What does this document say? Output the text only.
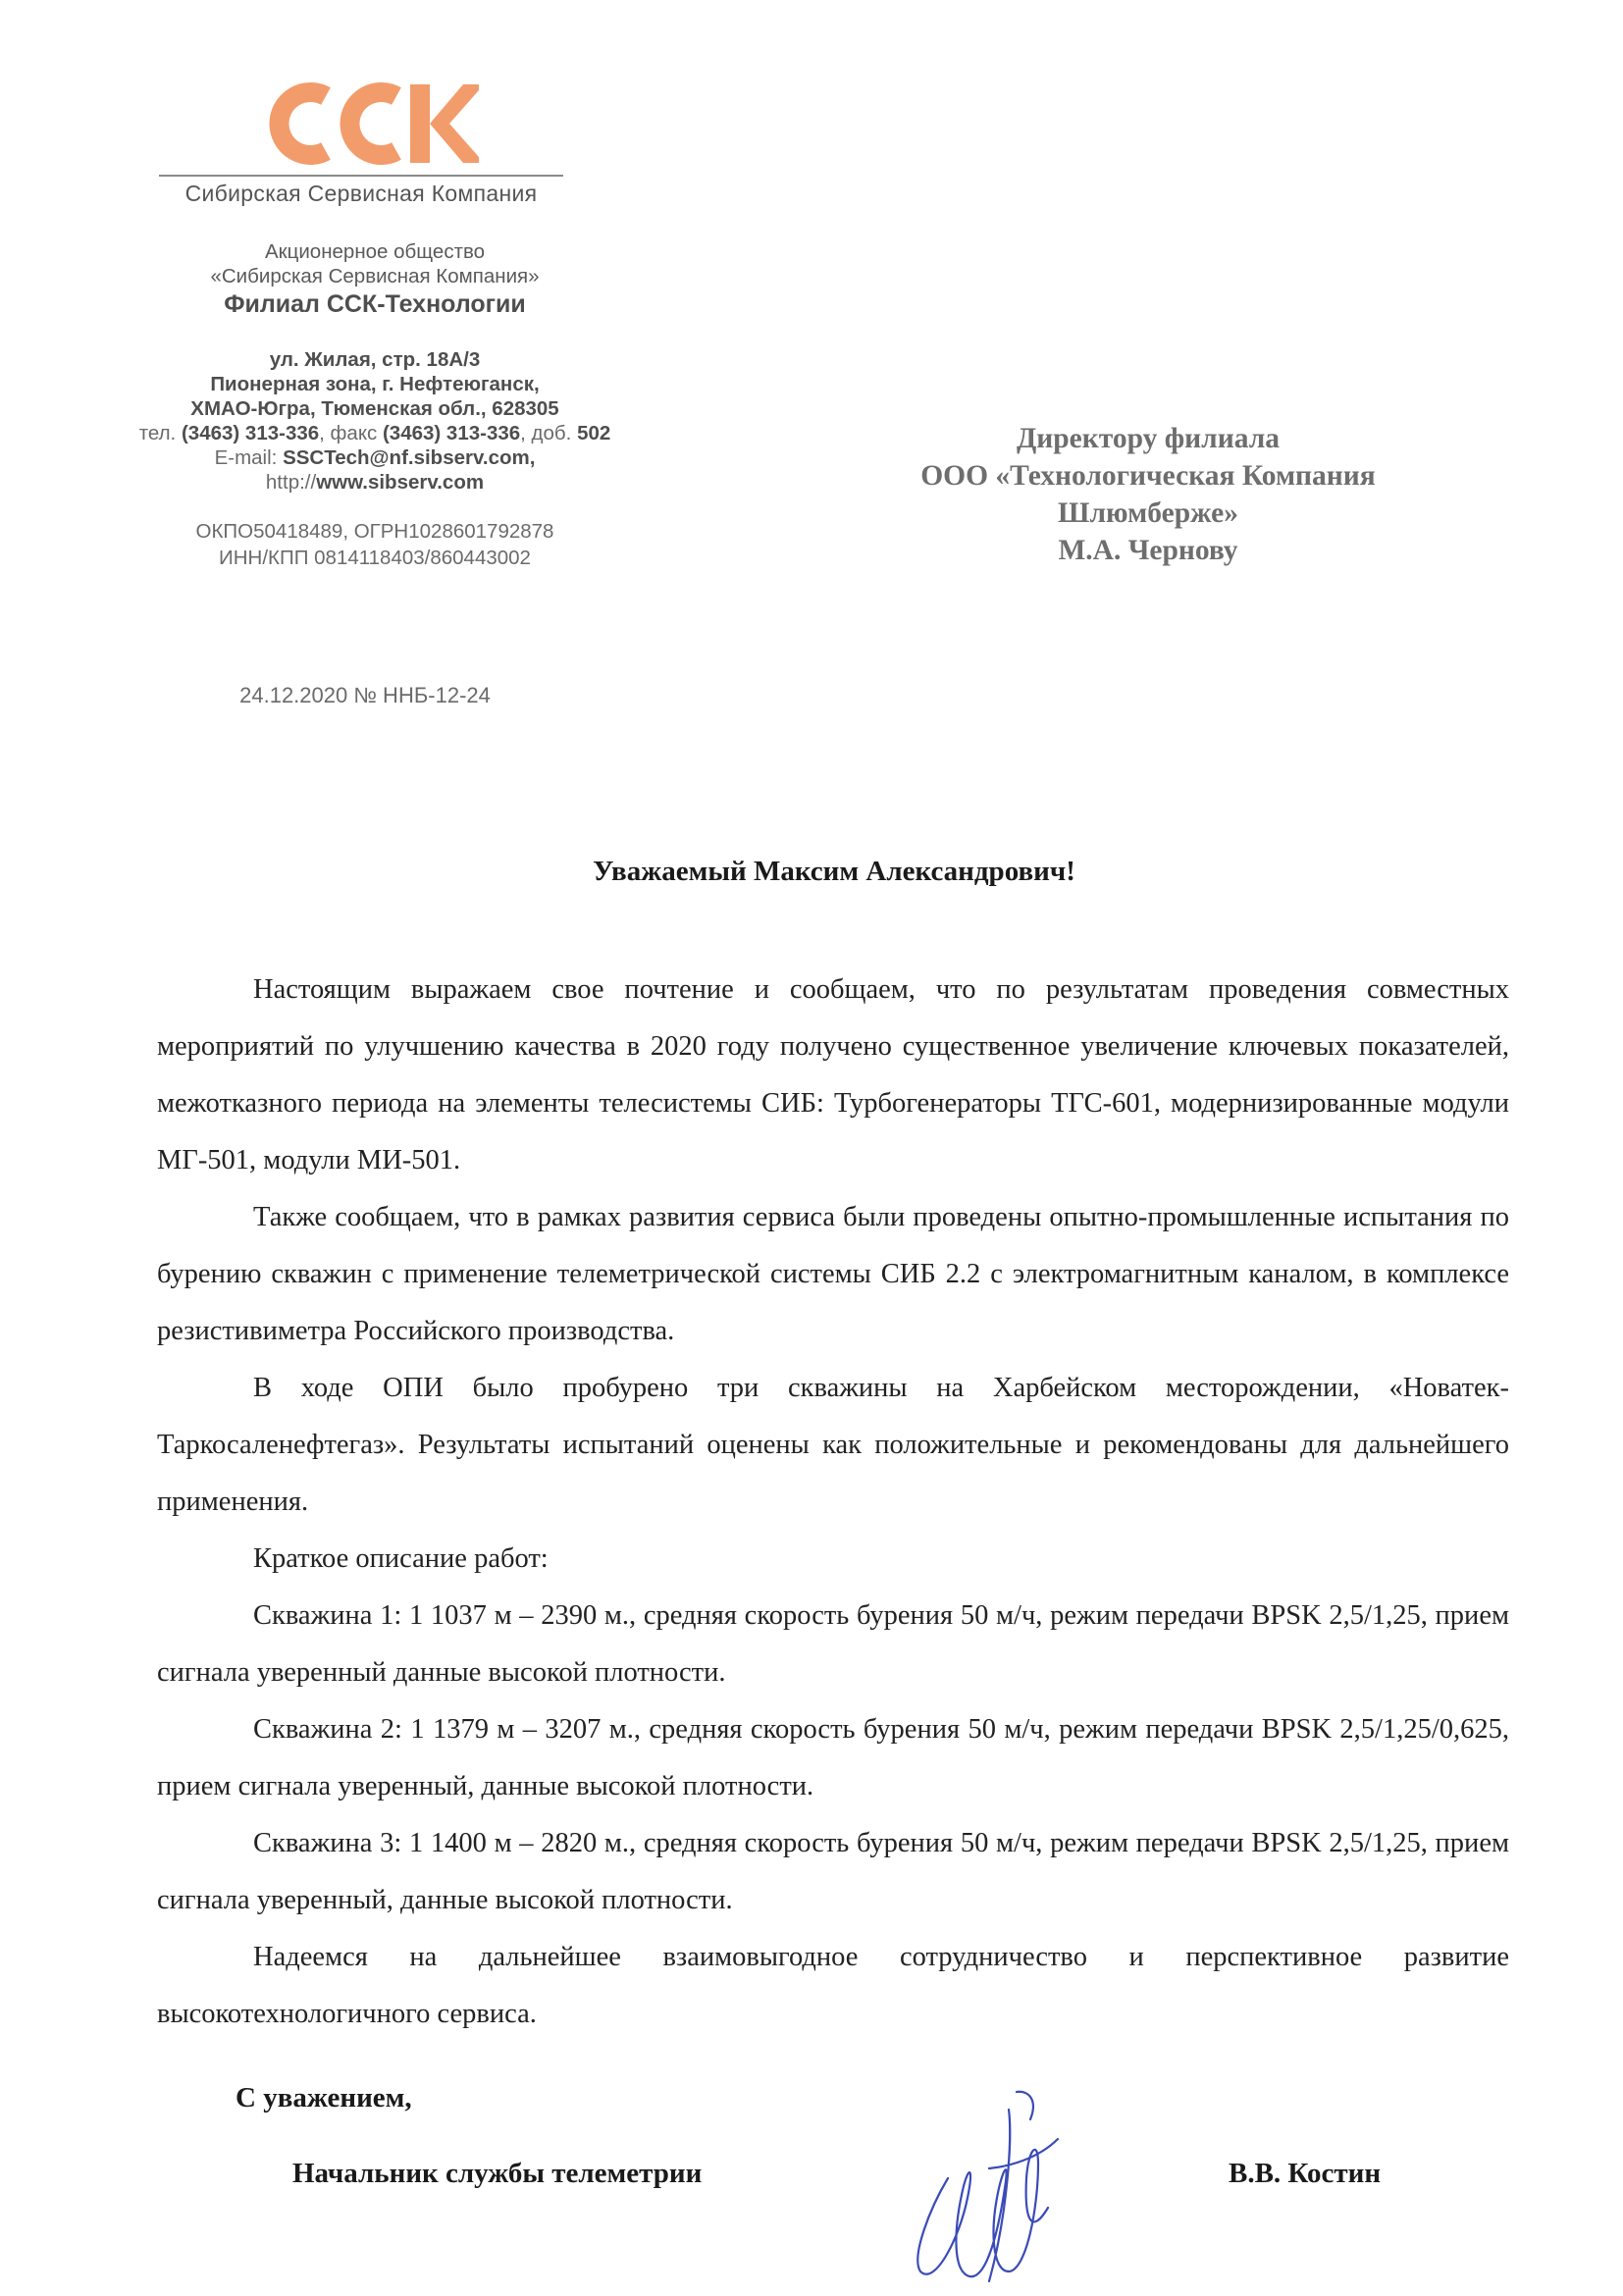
Сибирская Сервисная Компания
Акционерное общество
«Сибирская Сервисная Компания»
Филиал ССК-Технологии
ул. Жилая, стр. 18А/3
Пионерная зона, г. Нефтеюганск,
ХМАО-Югра, Тюменская обл., 628305
тел. (3463) 313-336, факс (3463) 313-336, доб. 502
E-mail: SSCTech@nf.sibserv.com,
http://www.sibserv.com
ОКПО50418489, ОГРН1028601792878
ИНН/КПП 0814118403/860443002
24.12.2020 № ННБ-12-24
Директору филиала
ООО «Технологическая Компания
Шлюмберже»
М.А. Чернову
Уважаемый Максим Александрович!

Настоящим выражаем свое почтение и сообщаем, что по результатам проведения совместных мероприятий по улучшению качества в 2020 году получено существенное увеличение ключевых показателей, межотказного периода на элементы телесистемы СИБ: Турбогенераторы ТГС-601, модернизированные модули МГ-501, модули МИ-501.

Также сообщаем, что в рамках развития сервиса были проведены опытно-промышленные испытания по бурению скважин с применение телеметрической системы СИБ 2.2 с электромагнитным каналом, в комплексе резистивиметра Российского производства.

В ходе ОПИ было пробурено три скважины на Харбейском месторождении, «Новатек-Таркосаленефтегаз». Результаты испытаний оценены как положительные и рекомендованы для дальнейшего применения.

Краткое описание работ:

Скважина 1: 1 1037 м – 2390 м., средняя скорость бурения 50 м/ч, режим передачи BPSK 2,5/1,25, прием сигнала уверенный данные высокой плотности.

Скважина 2: 1 1379 м – 3207 м., средняя скорость бурения 50 м/ч, режим передачи BPSK 2,5/1,25/0,625, прием сигнала уверенный, данные высокой плотности.

Скважина 3: 1 1400 м – 2820 м., средняя скорость бурения 50 м/ч, режим передачи BPSK 2,5/1,25, прием сигнала уверенный, данные высокой плотности.

Надеемся на дальнейшее взаимовыгодное сотрудничество и перспективное развитие высокотехнологичного сервиса.

С уважением,
Начальник службы телеметрии	В.В. Костин
